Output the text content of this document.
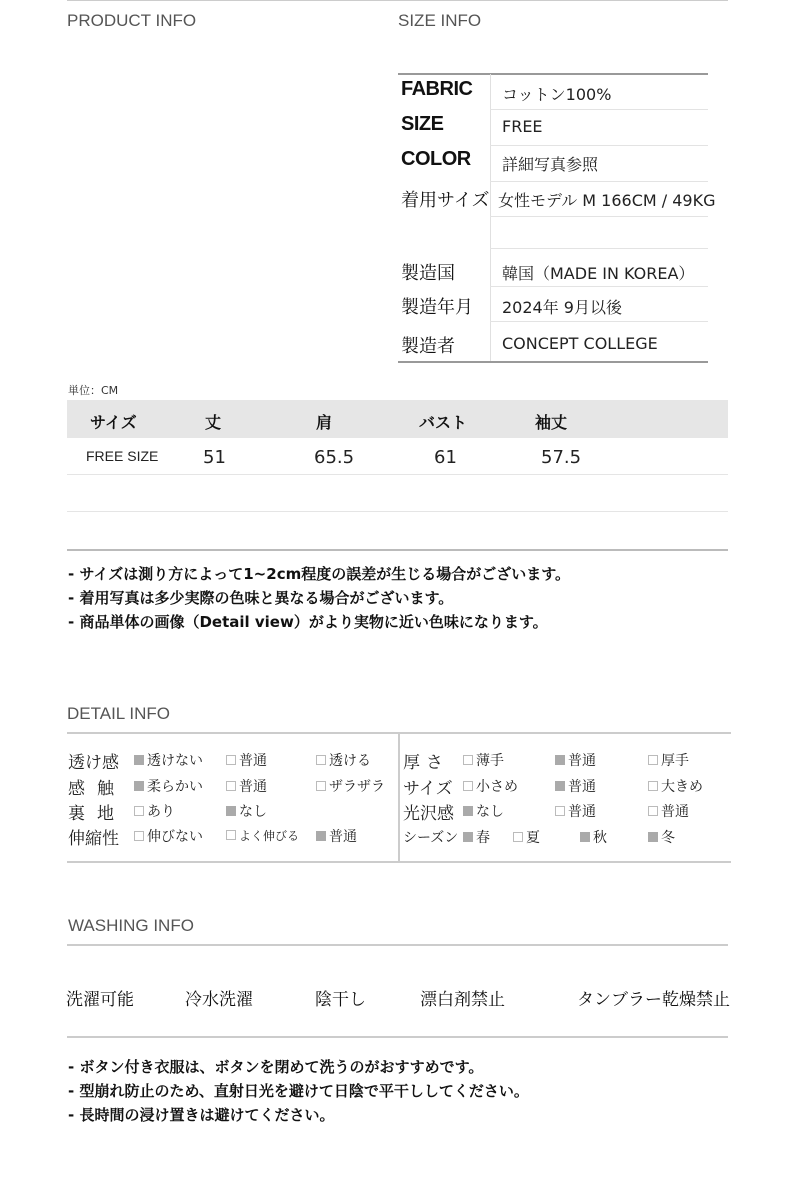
PRODUCT INFO	SIZE INFO
FABRIC コットン100%
SIZE	FREE
COLOR 詳細写真参照
着用サイズ 女性モデル M 166CM / 49KG
製造国	韓国（MADE IN KOREA）
製造年月 2024年 9月以後
製造者	CONCEPT COLLEGE
単位：CM
サイズ	丈	肩	バスト	袖丈
FREE SIZE 51	65.5	61	57.5
- サイズは測り方によって1~2cm程度の誤差が生じる場合がございます。
- 着用写真は多少実際の色味と異なる場合がございます。
- 商品単体の画像（Detail view）がより実物に近い色味になります。
DETAIL INFO
透け感	透けない	普通	透ける
感触	柔らかい	普通	ザラザラ
裏地	あり	なし
伸縮性	伸びない	よく伸びる	普通
厚さ	薄手	普通	厚手
サイズ	小さめ	普通	大きめ
光沢感	なし	普通	普通
シーズン	春	夏	秋	冬
WASHING INFO
洗濯可能	冷水洗濯	陰干し	漂白剤禁止	タンブラー乾燥禁止
- ボタン付き衣服は、ボタンを閉めて洗うのがおすすめです。
- 型崩れ防止のため、直射日光を避けて日陰で平干ししてください。
- 長時間の浸け置きは避けてください。
